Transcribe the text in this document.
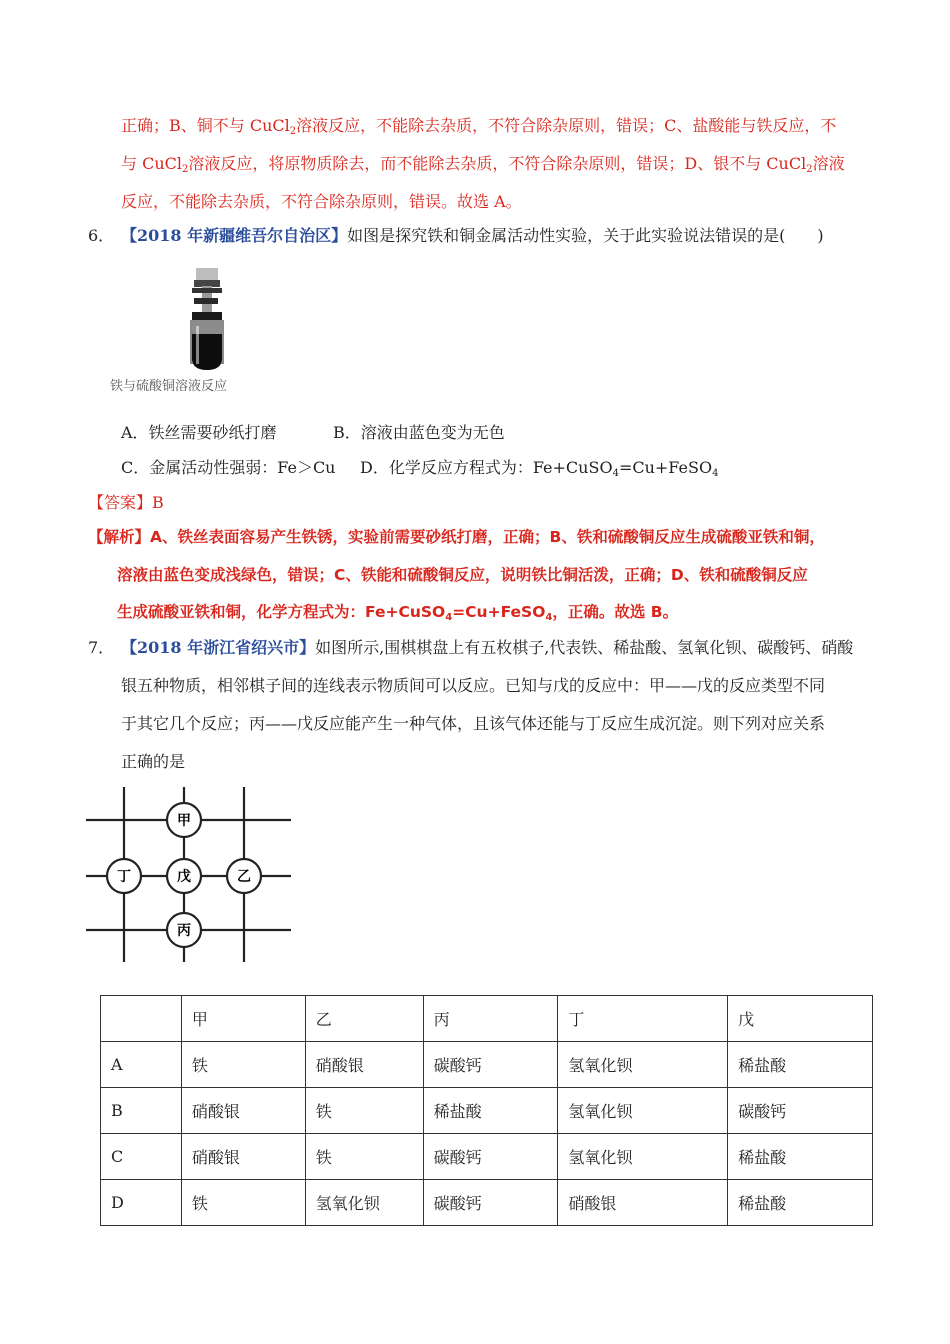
正确；B、铜不与 CuCl$_2$溶液反应，不能除去杂质，不符合除杂原则，错误；C、盐酸能与铁反应，不
与 CuCl$_2$溶液反应，将原物质除去，而不能除去杂质，不符合除杂原则，错误；D、银不与 CuCl$_2$溶液
反应，不能除去杂质，不符合除杂原则，错误。故选 A。
6． 【2018 年新疆维吾尔自治区】如图是探究铁和铜金属活动性实验，关于此实验说法错误的是(　　)
铁与硫酸铜溶液反应
A．铁丝需要砂纸打磨	B．溶液由蓝色变为无色
C．金属活动性强弱：Fe＞Cu D．化学反应方程式为：Fe+CuSO$_4$=Cu+FeSO$_4$
【答案】B
【解析】A、铁丝表面容易产生铁锈，实验前需要砂纸打磨，正确；B、铁和硫酸铜反应生成硫酸亚铁和铜，
溶液由蓝色变成浅绿色，错误；C、铁能和硫酸铜反应，说明铁比铜活泼，正确；D、铁和硫酸铜反应
生成硫酸亚铁和铜，化学方程式为：Fe+CuSO$_4$=Cu+FeSO$_4$，正确。故选 B。
7． 【2018 年浙江省绍兴市】如图所示,围棋棋盘上有五枚棋子,代表铁、稀盐酸、氢氧化钡、碳酸钙、硝酸
银五种物质，相邻棋子间的连线表示物质间可以反应。已知与戊的反应中：甲——戊的反应类型不同
于其它几个反应；丙——戊反应能产生一种气体，且该气体还能与丁反应生成沉淀。则下列对应关系
正确的是
甲
丁	戊	乙
丙
	甲	乙	丙	丁	戊
A	铁	硝酸银	碳酸钙	氢氧化钡	稀盐酸
B	硝酸银	铁	稀盐酸	氢氧化钡	碳酸钙
C	硝酸银	铁	碳酸钙	氢氧化钡	稀盐酸
D	铁	氢氧化钡	碳酸钙	硝酸银	稀盐酸
